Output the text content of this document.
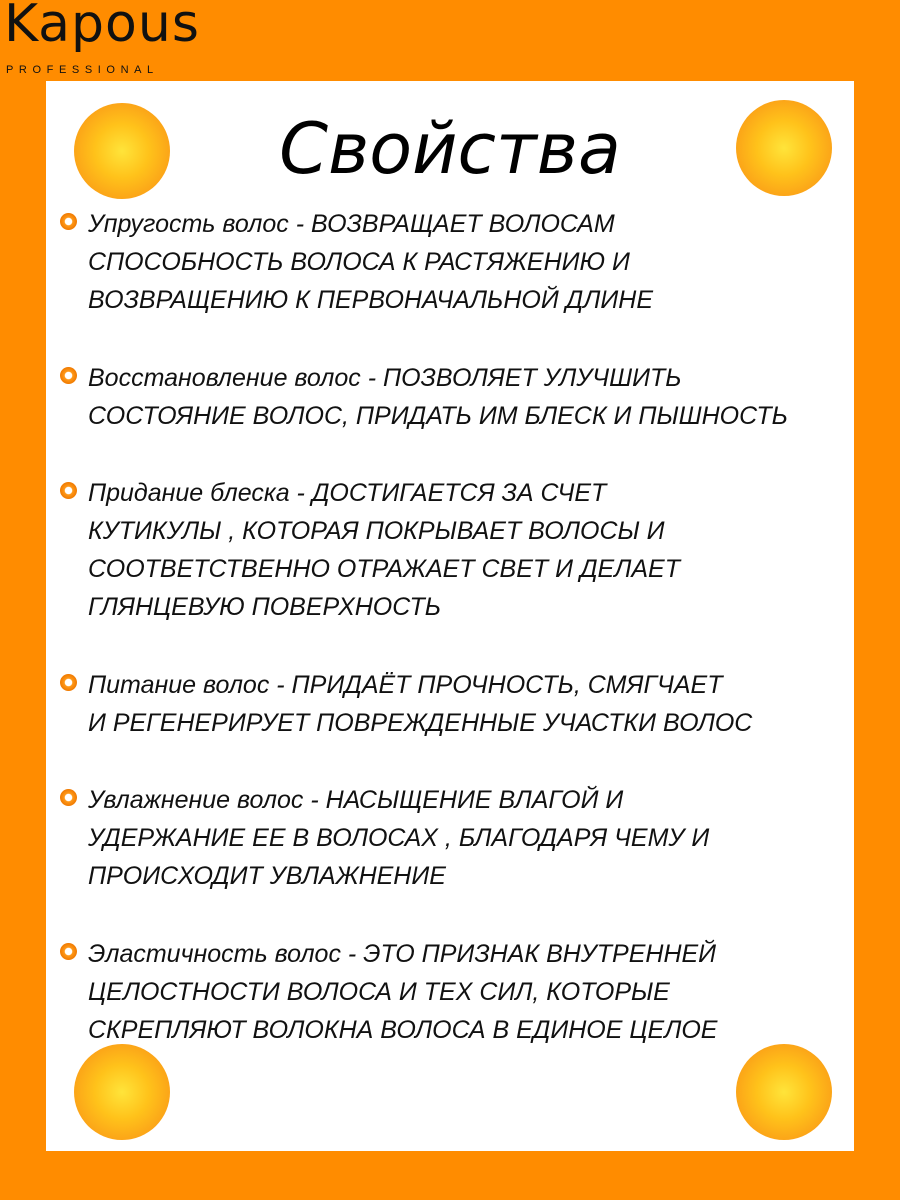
Kapous
PROFESSIONAL
Свойства
Упругость волос - ВОЗВРАЩАЕТ ВОЛОСАМ
СПОСОБНОСТЬ ВОЛОСА К РАСТЯЖЕНИЮ И
ВОЗВРАЩЕНИЮ К ПЕРВОНАЧАЛЬНОЙ ДЛИНЕ
Восстановление волос - ПОЗВОЛЯЕТ УЛУЧШИТЬ
СОСТОЯНИЕ ВОЛОС, ПРИДАТЬ ИМ БЛЕСК И ПЫШНОСТЬ
Придание блеска - ДОСТИГАЕТСЯ ЗА СЧЕТ
КУТИКУЛЫ , КОТОРАЯ ПОКРЫВАЕТ ВОЛОСЫ И
СООТВЕТСТВЕННО ОТРАЖАЕТ СВЕТ И ДЕЛАЕТ
ГЛЯНЦЕВУЮ ПОВЕРХНОСТЬ
Питание волос - ПРИДАЁТ ПРОЧНОСТЬ, СМЯГЧАЕТ
И РЕГЕНЕРИРУЕТ ПОВРЕЖДЕННЫЕ УЧАСТКИ ВОЛОС
Увлажнение волос - НАСЫЩЕНИЕ ВЛАГОЙ И
УДЕРЖАНИЕ ЕЕ В ВОЛОСАХ , БЛАГОДАРЯ ЧЕМУ И
ПРОИСХОДИТ УВЛАЖНЕНИЕ
Эластичность волос - ЭТО ПРИЗНАК ВНУТРЕННЕЙ
ЦЕЛОСТНОСТИ ВОЛОСА И ТЕХ СИЛ, КОТОРЫЕ
СКРЕПЛЯЮТ ВОЛОКНА ВОЛОСА В ЕДИНОЕ ЦЕЛОЕ
